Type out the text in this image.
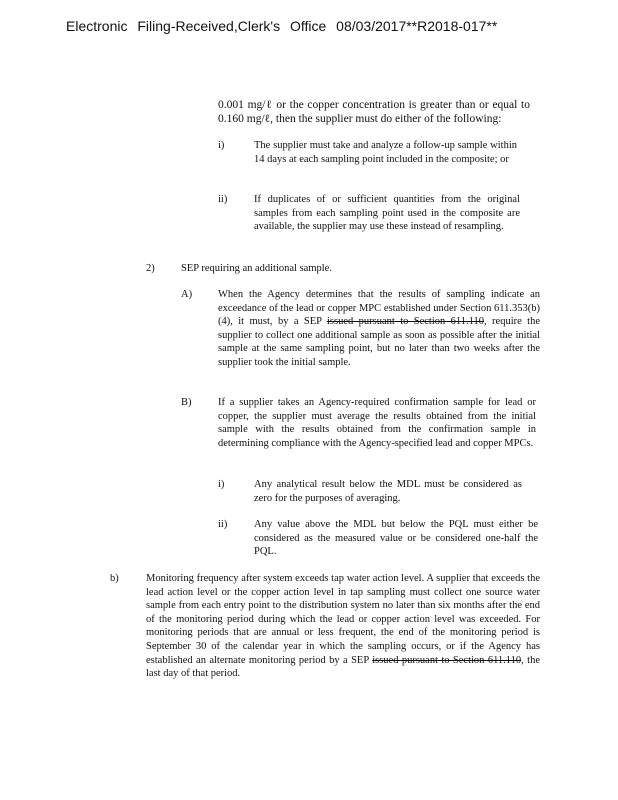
Electronic Filing-Received,Clerk's Office 08/03/2017**R2018-017**

0.001 mg/ℓ or the copper concentration is greater than or equal to 0.160 mg/ℓ, then the supplier must do either of the following:

i)	The supplier must take and analyze a follow-up sample within 14 days at each sampling point included in the composite; or

ii)	If duplicates of or sufficient quantities from the original samples from each sampling point used in the composite are available, the supplier may use these instead of resampling.

2)	SEP requiring an additional sample.

A) When the Agency determines that the results of sampling indicate an exceedance of the lead or copper MPC established under Section 611.353(b)(4), it must, by a SEP issued pursuant to Section 611.110, require the supplier to collect one additional sample as soon as possible after the initial sample at the same sampling point, but no later than two weeks after the supplier took the initial sample.

B)	If a supplier takes an Agency-required confirmation sample for lead or copper, the supplier must average the results obtained from the initial sample with the results obtained from the confirmation sample in determining compliance with the Agency-specified lead and copper MPCs.

i)	Any analytical result below the MDL must be considered as zero for the purposes of averaging.

ii)	Any value above the MDL but below the PQL must either be considered as the measured value or be considered one-half the PQL.

b)	Monitoring frequency after system exceeds tap water action level. A supplier that exceeds the lead action level or the copper action level in tap sampling must collect one source water sample from each entry point to the distribution system no later than six months after the end of the monitoring period during which the lead or copper action level was exceeded. For monitoring periods that are annual or less frequent, the end of the monitoring period is September 30 of the calendar year in which the sampling occurs, or if the Agency has established an alternate monitoring period by a SEP issued pursuant to Section 611.110, the last day of that period.
